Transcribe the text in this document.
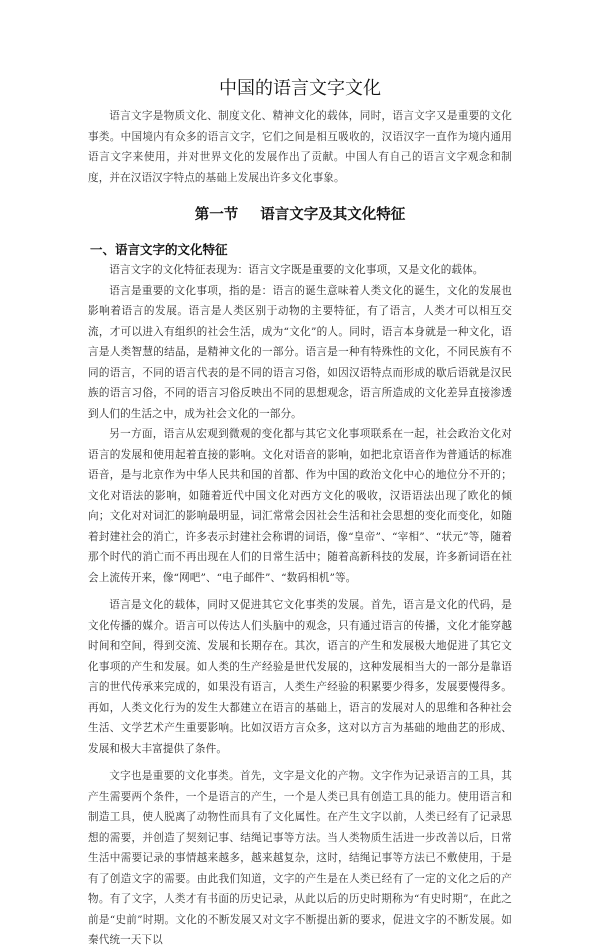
中国的语言文字文化

语言文字是物质文化、制度文化、精神文化的载体，同时，语言文字又是重要的文化事类。中国境内有众多的语言文字，它们之间是相互吸收的，汉语汉字一直作为境内通用语言文字来使用，并对世界文化的发展作出了贡献。中国人有自己的语言文字观念和制度，并在汉语汉字特点的基础上发展出许多文化事象。

第一节 语言文字及其文化特征
一、语言文字的文化特征

语言文字的文化特征表现为：语言文字既是重要的文化事项，又是文化的载体。

语言是重要的文化事项，指的是：语言的诞生意味着人类文化的诞生，文化的发展也影响着语言的发展。语言是人类区别于动物的主要特征，有了语言，人类才可以相互交流，才可以进入有组织的社会生活，成为“文化”的人。同时，语言本身就是一种文化，语言是人类智慧的结晶，是精神文化的一部分。语言是一种有特殊性的文化，不同民族有不同的语言，不同的语言代表的是不同的语言习俗，如因汉语特点而形成的歇后语就是汉民族的语言习俗，不同的语言习俗反映出不同的思想观念，语言所造成的文化差异直接渗透到人们的生活之中，成为社会文化的一部分。

另一方面，语言从宏观到微观的变化都与其它文化事项联系在一起，社会政治文化对语言的发展和使用起着直接的影响。文化对语音的影响，如把北京语音作为普通话的标准语音，是与北京作为中华人民共和国的首都、作为中国的政治文化中心的地位分不开的；文化对语法的影响，如随着近代中国文化对西方文化的吸收，汉语语法出现了欧化的倾向；文化对对词汇的影响最明显，词汇常常会因社会生活和社会思想的变化而变化，如随着封建社会的消亡，许多表示封建社会称谓的词语，像“皇帝”、“宰相”、“状元”等，随着那个时代的消亡而不再出现在人们的日常生活中；随着高新科技的发展，许多新词语在社会上流传开来，像“网吧”、“电子邮件”、“数码相机”等。

语言是文化的载体，同时又促进其它文化事类的发展。首先，语言是文化的代码，是文化传播的媒介。语言可以传达人们头脑中的观念，只有通过语言的传播，文化才能穿越时间和空间，得到交流、发展和长期存在。其次，语言的产生和发展极大地促进了其它文化事项的产生和发展。如人类的生产经验是世代发展的，这种发展相当大的一部分是靠语言的世代传承来完成的，如果没有语言，人类生产经验的积累要少得多，发展要慢得多。再如，人类文化行为的发生大都建立在语言的基础上，语言的发展对人的思维和各种社会生活、文学艺术产生重要影响。比如汉语方言众多，这对以方言为基础的地曲艺的形成、发展和极大丰富提供了条件。

文字也是重要的文化事类。首先，文字是文化的产物。文字作为记录语言的工具，其产生需要两个条件，一个是语言的产生，一个是人类已具有创造工具的能力。使用语言和制造工具，使人脱离了动物性而具有了文化属性。在产生文字以前，人类已经有了记录思想的需要，并创造了契刻记事、结绳记事等方法。当人类物质生活进一步改善以后，日常生活中需要记录的事情越来越多，越来越复杂，这时，结绳记事等方法已不敷使用，于是有了创造文字的需要。由此我们知道，文字的产生是在人类已经有了一定的文化之后的产物。有了文字，人类才有书面的历史记录，从此以后的历史时期称为“有史时期”，在此之前是“史前”时期。文化的不断发展又对文字不断提出新的要求，促进文字的不断发展。如秦代统一天下以
